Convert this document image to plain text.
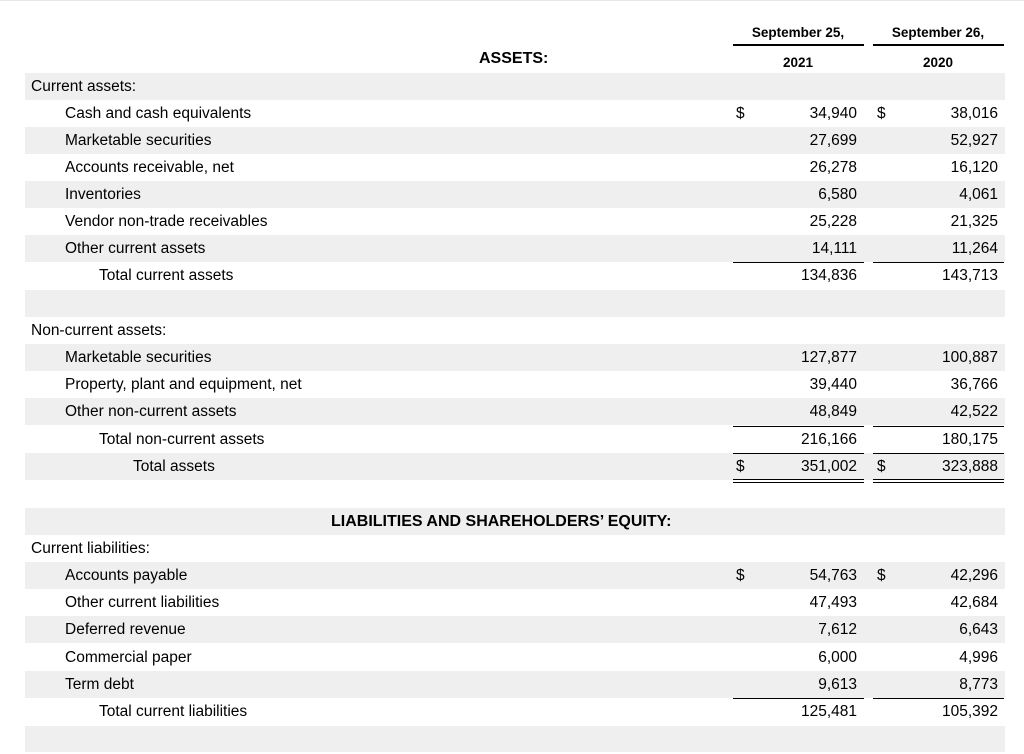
September 25,

2021

September 26,

2020

ASSETS:
Current assets:
Cash and cash equivalents	$	34,940 $	38,016
Marketable securities	27,699	52,927
Accounts receivable, net	26,278	16,120
Inventories	6,580	4,061
Vendor non-trade receivables	25,228	21,325
Other current assets	14,111	11,264
Total current assets	134,836	143,713
Non-current assets:
Marketable securities	127,877	100,887
Property, plant and equipment, net	39,440	36,766
Other non-current assets	48,849	42,522
Total non-current assets	216,166	180,175
Total assets	$	351,002 $	323,888
LIABILITIES AND SHAREHOLDERS’ EQUITY:
Current liabilities:
Accounts payable	$	54,763 $	42,296
Other current liabilities	47,493	42,684
Deferred revenue	7,612	6,643
Commercial paper	6,000	4,996
Term debt	9,613	8,773
Total current liabilities	125,481	105,392
